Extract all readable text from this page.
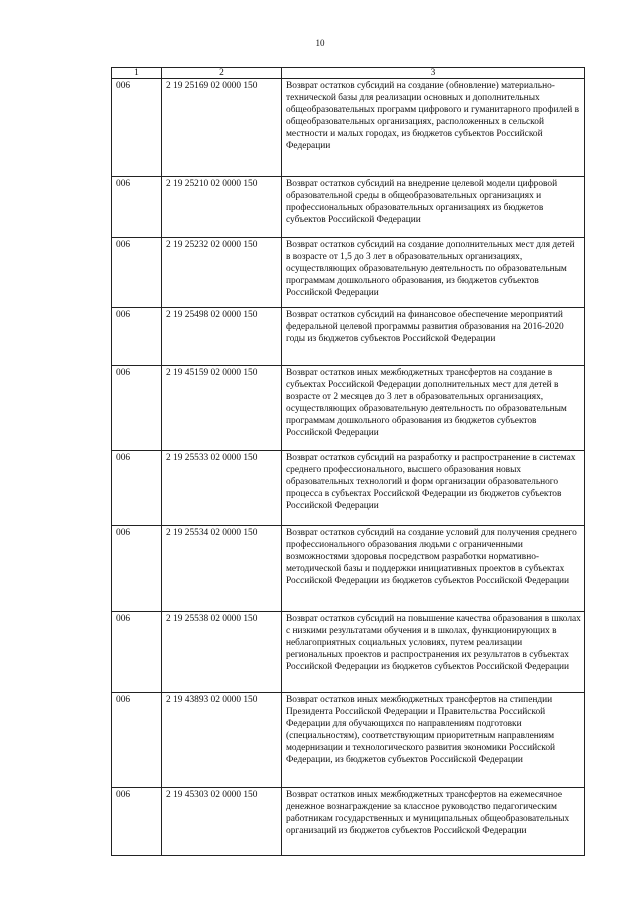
10
1	2	3
006	2 19 25169 02 0000 150	Возврат остатков субсидий на создание (обновление) материально-технической базы для реализации основных и дополнительных общеобразовательных программ цифрового и гуманитарного профилей в общеобразовательных организациях, расположенных в сельской местности и малых городах, из бюджетов субъектов Российской Федерации
006	2 19 25210 02 0000 150	Возврат остатков субсидий на внедрение целевой модели цифровой образовательной среды в общеобразовательных организациях и профессиональных образовательных организациях из бюджетов субъектов Российской Федерации
006	2 19 25232 02 0000 150	Возврат остатков субсидий на создание дополнительных мест для детей в возрасте от 1,5 до 3 лет в образовательных организациях, осуществляющих образовательную деятельность по образовательным программам дошкольного образования, из бюджетов субъектов Российской Федерации
006	2 19 25498 02 0000 150	Возврат остатков субсидий на финансовое обеспечение мероприятий федеральной целевой программы развития образования на 2016-2020 годы из бюджетов субъектов Российской Федерации
006	2 19 45159 02 0000 150	Возврат остатков иных межбюджетных трансфертов на создание в субъектах Российской Федерации дополнительных мест для детей в возрасте от 2 месяцев до 3 лет в образовательных организациях, осуществляющих образовательную деятельность по образовательным программам дошкольного образования из бюджетов субъектов Российской Федерации
006	2 19 25533 02 0000 150	Возврат остатков субсидий на разработку и распространение в системах среднего профессионального, высшего образования новых образовательных технологий и форм организации образовательного процесса в субъектах Российской Федерации из бюджетов субъектов Российской Федерации
006	2 19 25534 02 0000 150	Возврат остатков субсидий на создание условий для получения среднего профессионального образования людьми с ограниченными возможностями здоровья посредством разработки нормативно-методической базы и поддержки инициативных проектов в субъектах Российской Федерации из бюджетов субъектов Российской Федерации
006	2 19 25538 02 0000 150	Возврат остатков субсидий на повышение качества образования в школах с низкими результатами обучения и в школах, функционирующих в неблагоприятных социальных условиях, путем реализации региональных проектов и распространения их результатов в субъектах Российской Федерации из бюджетов субъектов Российской Федерации
006	2 19 43893 02 0000 150	Возврат остатков иных межбюджетных трансфертов на стипендии Президента Российской Федерации и Правительства Российской Федерации для обучающихся по направлениям подготовки (специальностям), соответствующим приоритетным направлениям модернизации и технологического развития экономики Российской Федерации, из бюджетов субъектов Российской Федерации
006	2 19 45303 02 0000 150	Возврат остатков иных межбюджетных трансфертов на ежемесячное денежное вознаграждение за классное руководство педагогическим работникам государственных и муниципальных общеобразовательных организаций из бюджетов субъектов Российской Федерации
